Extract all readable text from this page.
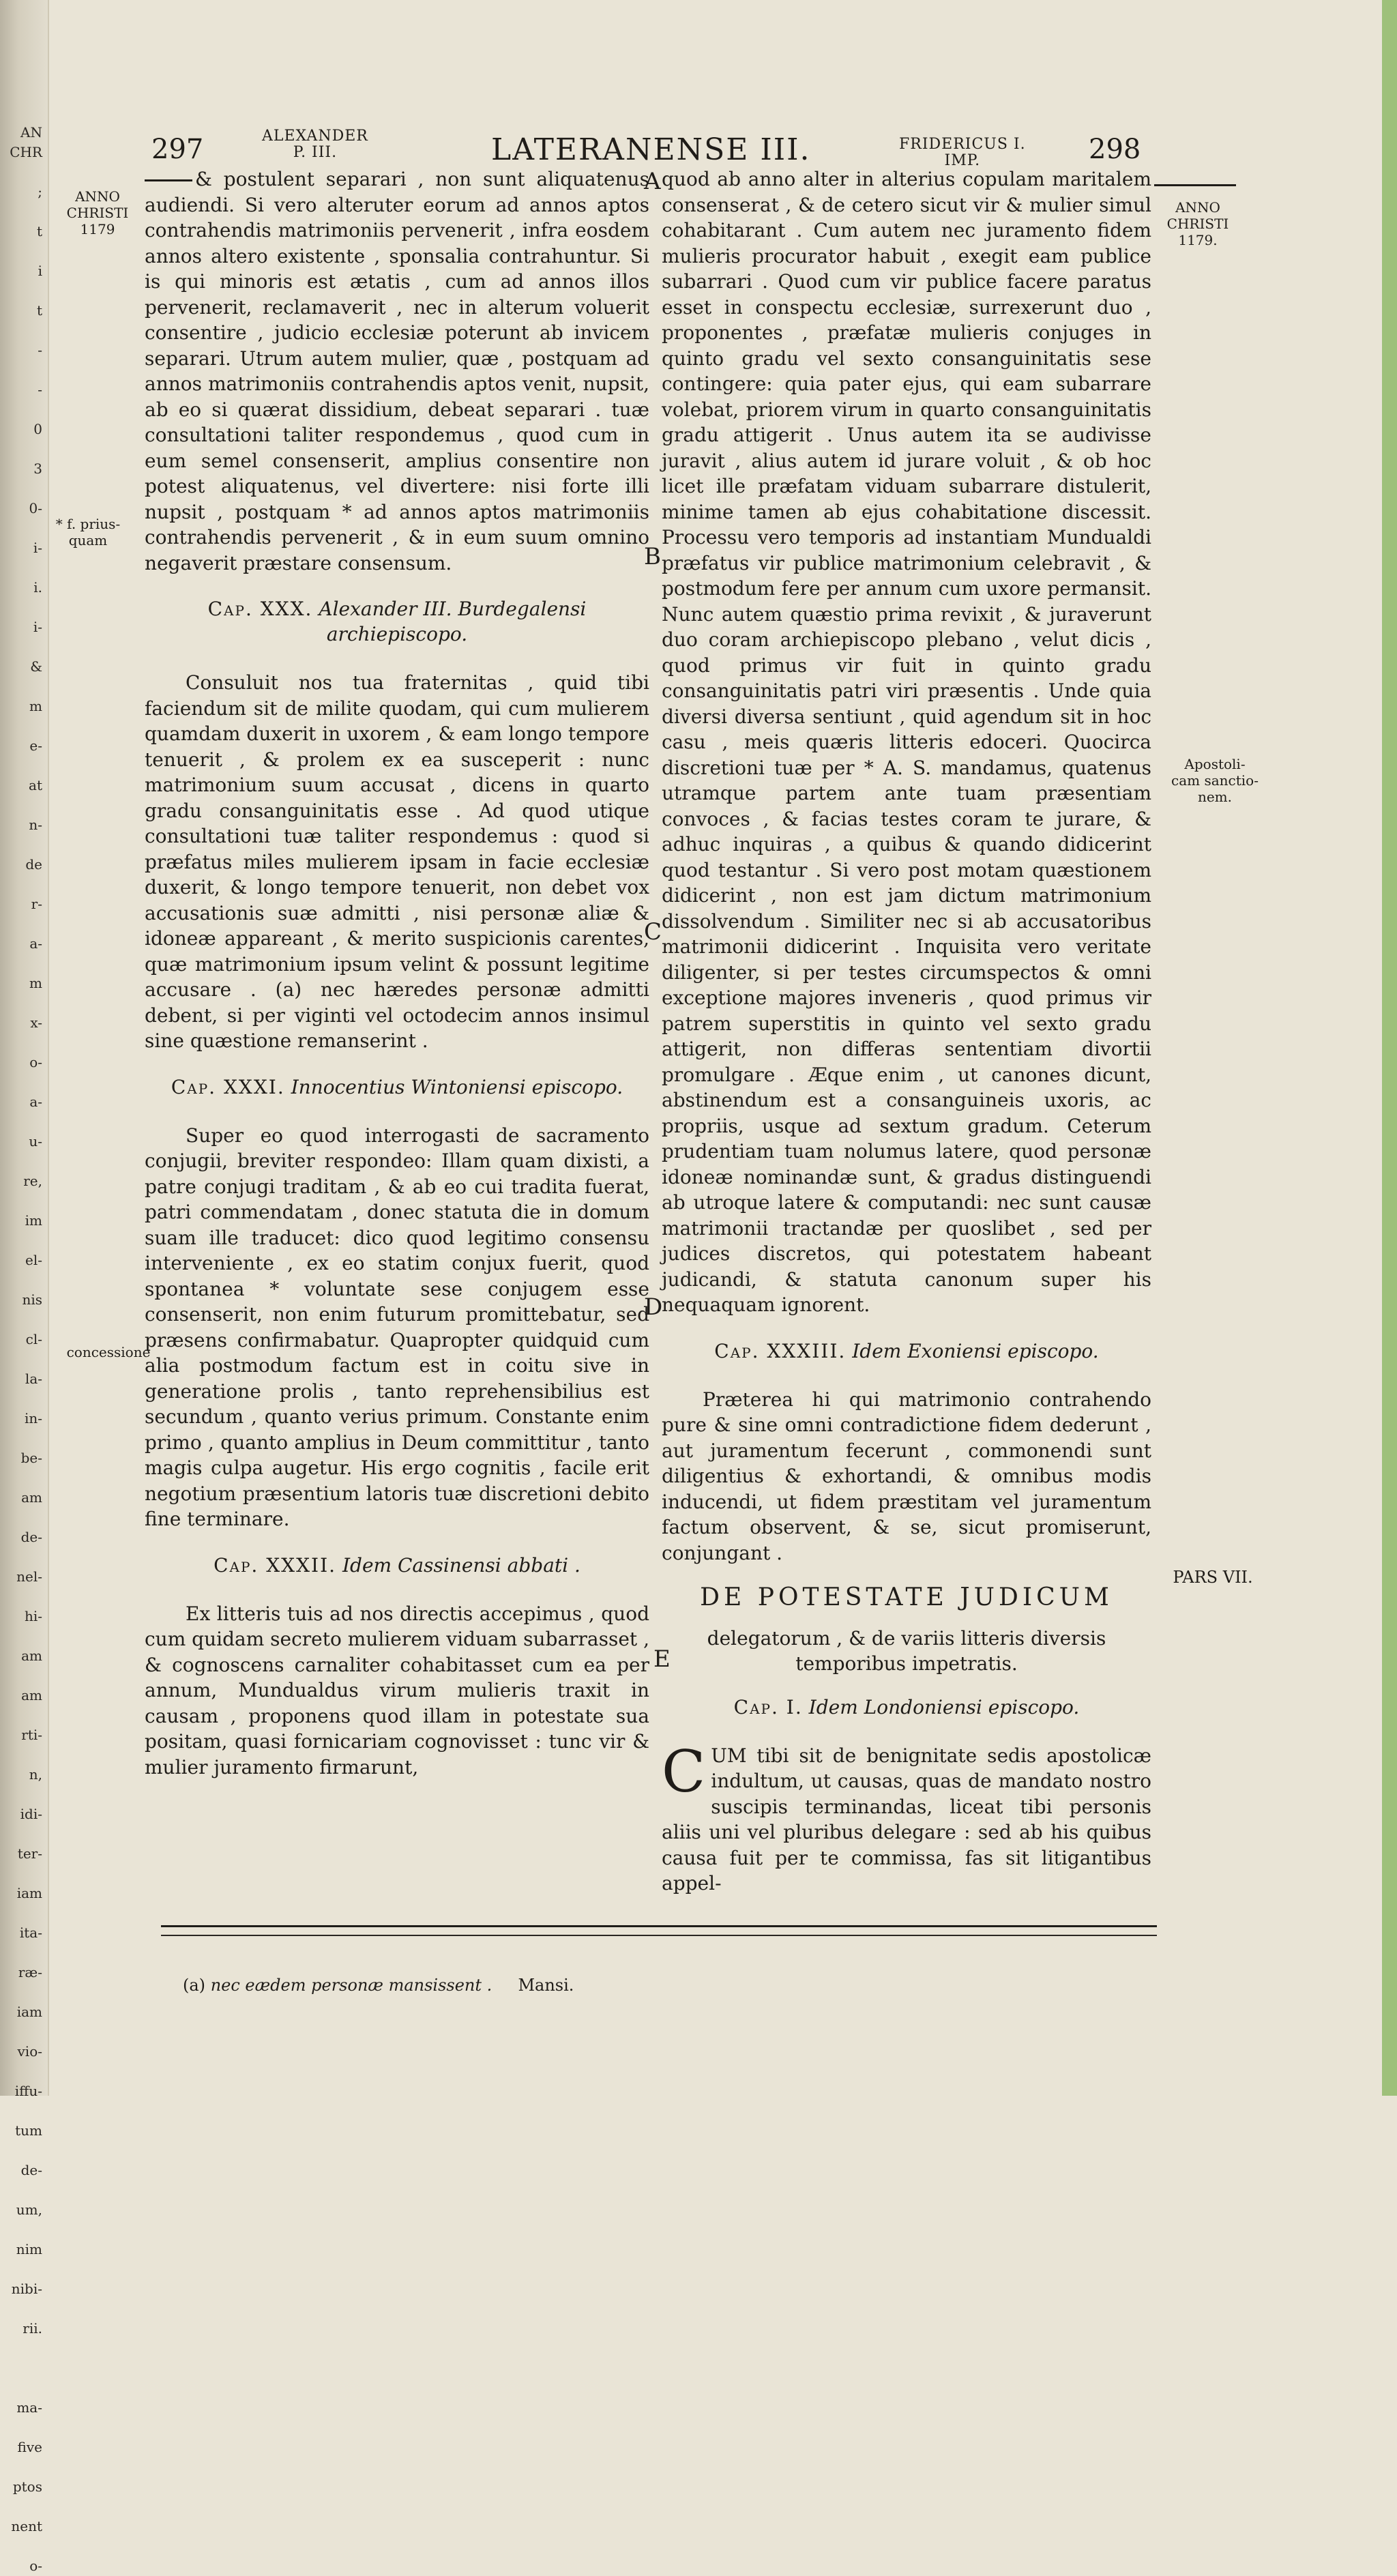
AN
CHR

;

t

i

t

-

-

0

3

0-

i-

i.

i-

&

m

e-

at

n-

de

r-

a-

m

x-

o-

a-

u-

re,

im

el-

nis

cl-

la-

in-

be-

am

de-

nel-

hi-

am

am

rti-

n,

idi-

ter-

iam

ita-

ræ-

iam

vio-

iffu-

tum

de-

um,

nim

nibi-

rii.

ma-

five

ptos

nent

o-
297	ALEXANDER
P. III.	LATERANENSE III.	FRIDERICUS I.
IMP.	298
ANNO
CHRISTI
1179
* f. prius-
quam
concessione
ANNO
CHRISTI
1179.
Apostoli-
cam sanctio-
nem.
PARS VII.
A
B
C
D
E

& postulent separari , non sunt aliquatenus audiendi. Si vero alteruter eorum ad annos aptos contrahendis matrimoniis pervenerit , infra eosdem annos altero existente , sponsalia contrahuntur. Si is qui minoris est ætatis , cum ad annos illos pervenerit, reclamaverit , nec in alterum voluerit consentire , judicio ecclesiæ poterunt ab invicem separari. Utrum autem mulier, quæ , postquam ad annos matrimoniis contrahendis aptos venit, nupsit, ab eo si quærat dissidium, debeat separari . tuæ consultationi taliter respondemus , quod cum in eum semel consenserit, amplius consentire non potest aliquatenus, vel divertere: nisi forte illi nupsit , postquam * ad annos aptos matrimoniis contrahendis pervenerit , & in eum suum omnino negaverit præstare consensum.

Cap. XXX. Alexander III. Burdegalensi archiepiscopo.

Consuluit nos tua fraternitas , quid tibi faciendum sit de milite quodam, qui cum mulierem quamdam duxerit in uxorem , & eam longo tempore tenuerit , & prolem ex ea susceperit : nunc matrimonium suum accusat , dicens in quarto gradu consanguinitatis esse . Ad quod utique consultationi tuæ taliter respondemus : quod si præfatus miles mulierem ipsam in facie ecclesiæ duxerit, & longo tempore tenuerit, non debet vox accusationis suæ admitti , nisi personæ aliæ & idoneæ appareant , & merito suspicionis carentes, quæ matrimonium ipsum velint & possunt legitime accusare . (a) nec hæredes personæ admitti debent, si per viginti vel octodecim annos insimul sine quæstione remanserint .

Cap. XXXI. Innocentius Wintoniensi episcopo.

Super eo quod interrogasti de sacramento conjugii, breviter respondeo: Illam quam dixisti, a patre conjugi traditam , & ab eo cui tradita fuerat, patri commendatam , donec statuta die in domum suam ille traducet: dico quod legitimo consensu interveniente , ex eo statim conjux fuerit, quod spontanea * voluntate sese conjugem esse consenserit, non enim futurum promittebatur, sed præsens confirmabatur. Quapropter quidquid cum alia postmodum factum est in coitu sive in generatione prolis , tanto reprehensibilius est secundum , quanto verius primum. Constante enim primo , quanto amplius in Deum committitur , tanto magis culpa augetur. His ergo cognitis , facile erit negotium præsentium latoris tuæ discretioni debito fine terminare.

Cap. XXXII. Idem Cassinensi abbati .

Ex litteris tuis ad nos directis accepimus , quod cum quidam secreto mulierem viduam subarrasset , & cognoscens carnaliter cohabitasset cum ea per annum, Mundualdus virum mulieris traxit in causam , proponens quod illam in potestate sua positam, quasi fornicariam cognovisset : tunc vir & mulier juramento firmarunt,

quod ab anno alter in alterius copulam maritalem consenserat , & de cetero sicut vir & mulier simul cohabitarant . Cum autem nec juramento fidem mulieris procurator habuit , exegit eam publice subarrari . Quod cum vir publice facere paratus esset in conspectu ecclesiæ, surrexerunt duo , proponentes , præfatæ mulieris conjuges in quinto gradu vel sexto consanguinitatis sese contingere: quia pater ejus, qui eam subarrare volebat, priorem virum in quarto consanguinitatis gradu attigerit . Unus autem ita se audivisse juravit , alius autem id jurare voluit , & ob hoc licet ille præfatam viduam subarrare distulerit, minime tamen ab ejus cohabitatione discessit. Processu vero temporis ad instantiam Mundualdi præfatus vir publice matrimonium celebravit , & postmodum fere per annum cum uxore permansit. Nunc autem quæstio prima revixit , & juraverunt duo coram archiepiscopo plebano , velut dicis , quod primus vir fuit in quinto gradu consanguinitatis patri viri præsentis . Unde quia diversi diversa sentiunt , quid agendum sit in hoc casu , meis quæris litteris edoceri. Quocirca discretioni tuæ per * A. S. mandamus, quatenus utramque partem ante tuam præsentiam convoces , & facias testes coram te jurare, & adhuc inquiras , a quibus & quando didicerint quod testantur . Si vero post motam quæstionem didicerint , non est jam dictum matrimonium dissolvendum . Similiter nec si ab accusatoribus matrimonii didicerint . Inquisita vero veritate diligenter, si per testes circumspectos & omni exceptione majores inveneris , quod primus vir patrem superstitis in quinto vel sexto gradu attigerit, non differas sententiam divortii promulgare . Æque enim , ut canones dicunt, abstinendum est a consanguineis uxoris, ac propriis, usque ad sextum gradum. Ceterum prudentiam tuam nolumus latere, quod personæ idoneæ nominandæ sunt, & gradus distinguendi ab utroque latere & computandi: nec sunt causæ matrimonii tractandæ per quoslibet , sed per judices discretos, qui potestatem habeant judicandi, & statuta canonum super his nequaquam ignorent.

Cap. XXXIII. Idem Exoniensi episcopo.

Præterea hi qui matrimonio contrahendo pure & sine omni contradictione fidem dederunt , aut juramentum fecerunt , commonendi sunt diligentius & exhortandi, & omnibus modis inducendi, ut fidem præstitam vel juramentum factum observent, & se, sicut promiserunt, conjungant .

DE POTESTATE JUDICUM
delegatorum , & de variis litteris diversis temporibus impetratis.
Cap. I. Idem Londoniensi episcopo.

CUM tibi sit de benignitate sedis apostolicæ indultum, ut causas, quas de mandato nostro suscipis terminandas, liceat tibi personis aliis uni vel pluribus delegare : sed ab his quibus causa fuit per te commissa, fas sit litigantibus appel-

(a) nec eædem personæ mansissent . Mansi.
